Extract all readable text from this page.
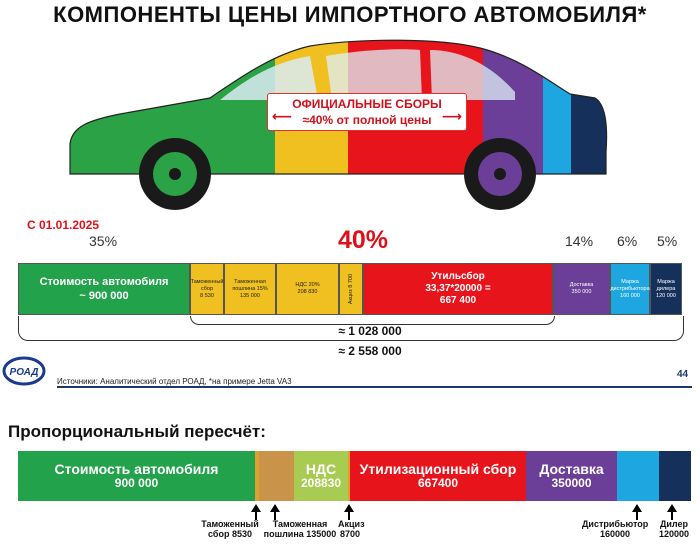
КОМПОНЕНТЫ ЦЕНЫ ИМПОРТНОГО АВТОМОБИЛЯ*
⟵
ОФИЦИАЛЬНЫЕ СБОРЫ
≈40% от полной цены ⟶
С 01.01.2025
35%	40%	14% 6% 5%
Стоимость автомобиля
~ 900 000
Таможенный сбор
8 530
Таможенная пошлина 15%
135 000
НДС 20%
208 830	Акциз 8 700	Утильсбор
33,37*20000 =
667 400
Доставка
350 000
Маржа дистрибьютора
160 000
Маржа дилера
120 000
≈ 1 028 000
≈ 2 558 000
РОАД
Источники: Аналитический отдел РОАД, *на примере Jetta VA3
44
Пропорциональный пересчёт:
Стоимость автомобиля
900 000
НДС
208830
Утилизационный сбор
667400
Доставка
350000
Таможенный
сбор 8530
Таможенная
пошлина 135000
Акциз
8700
Дистрибьютор
160000
Дилер
120000
